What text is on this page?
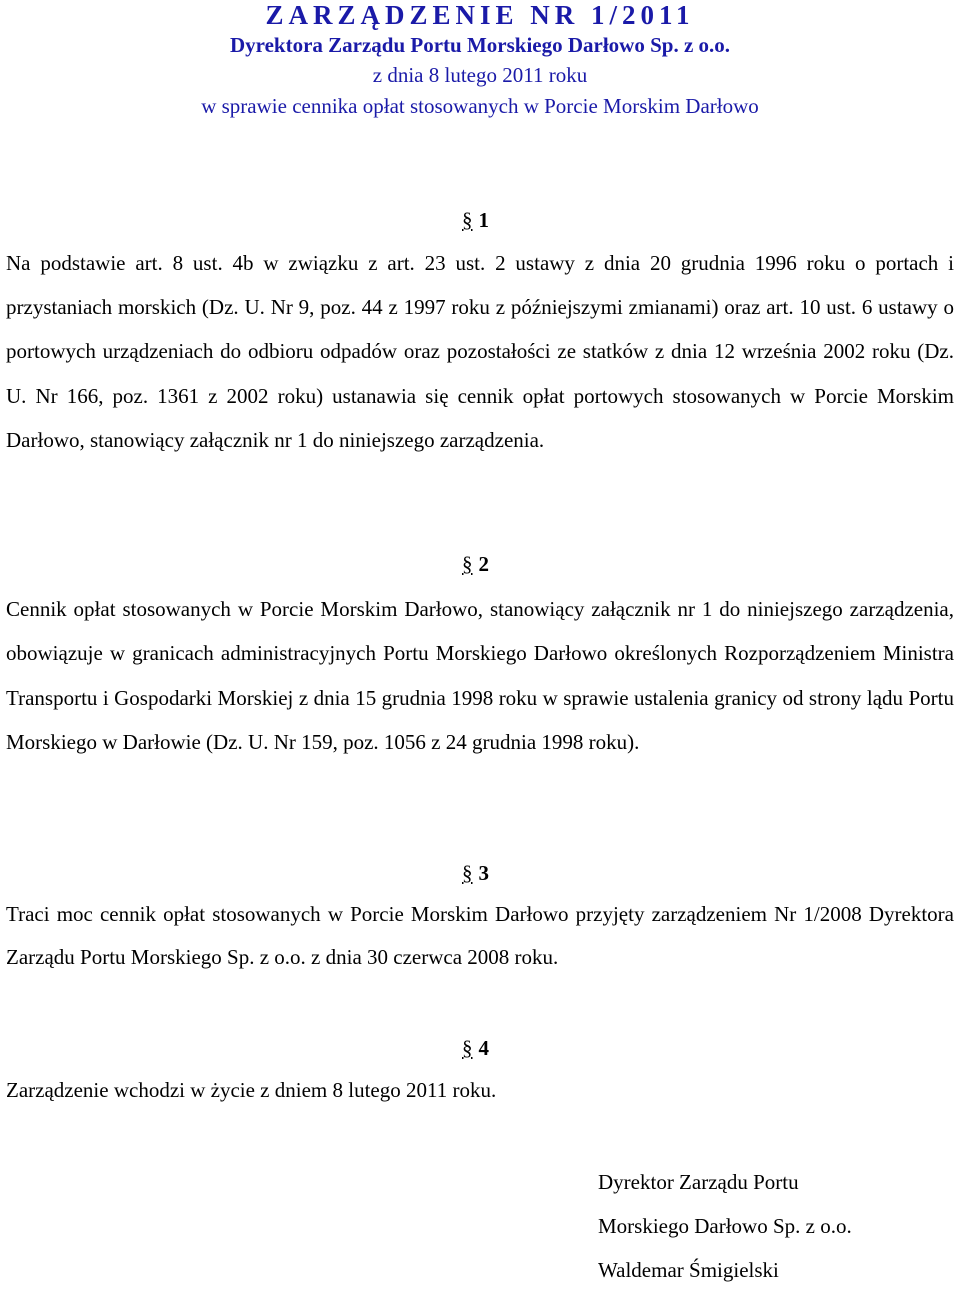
ZARZĄDZENIE NR 1/2011
Dyrektora Zarządu Portu Morskiego Darłowo Sp. z o.o.
z dnia 8 lutego 2011 roku
w sprawie cennika opłat stosowanych w Porcie Morskim Darłowo
§ 1

Na podstawie art. 8 ust. 4b w związku z art. 23 ust. 2 ustawy z dnia 20 grudnia 1996 roku o portach i przystaniach morskich (Dz. U. Nr 9, poz. 44 z 1997 roku z późniejszymi zmianami) oraz art. 10 ust. 6 ustawy o portowych urządzeniach do odbioru odpadów oraz pozostałości ze statków z dnia 12 września 2002 roku (Dz. U. Nr 166, poz. 1361 z 2002 roku) ustanawia się cennik opłat portowych stosowanych w Porcie Morskim Darłowo, stanowiący załącznik nr 1 do niniejszego zarządzenia.

§ 2

Cennik opłat stosowanych w Porcie Morskim Darłowo, stanowiący załącznik nr 1 do niniejszego zarządzenia, obowiązuje w granicach administracyjnych Portu Morskiego Darłowo określonych Rozporządzeniem Ministra Transportu i Gospodarki Morskiej z dnia 15 grudnia 1998 roku w sprawie ustalenia granicy od strony lądu Portu Morskiego w Darłowie (Dz. U. Nr 159, poz. 1056 z 24 grudnia 1998 roku).

§ 3

Traci moc cennik opłat stosowanych w Porcie Morskim Darłowo przyjęty zarządzeniem Nr 1/2008 Dyrektora Zarządu Portu Morskiego Sp. z o.o. z dnia 30 czerwca 2008 roku.

§ 4

Zarządzenie wchodzi w życie z dniem 8 lutego 2011 roku.

Dyrektor Zarządu Portu
Morskiego Darłowo Sp. z o.o.
Waldemar Śmigielski
